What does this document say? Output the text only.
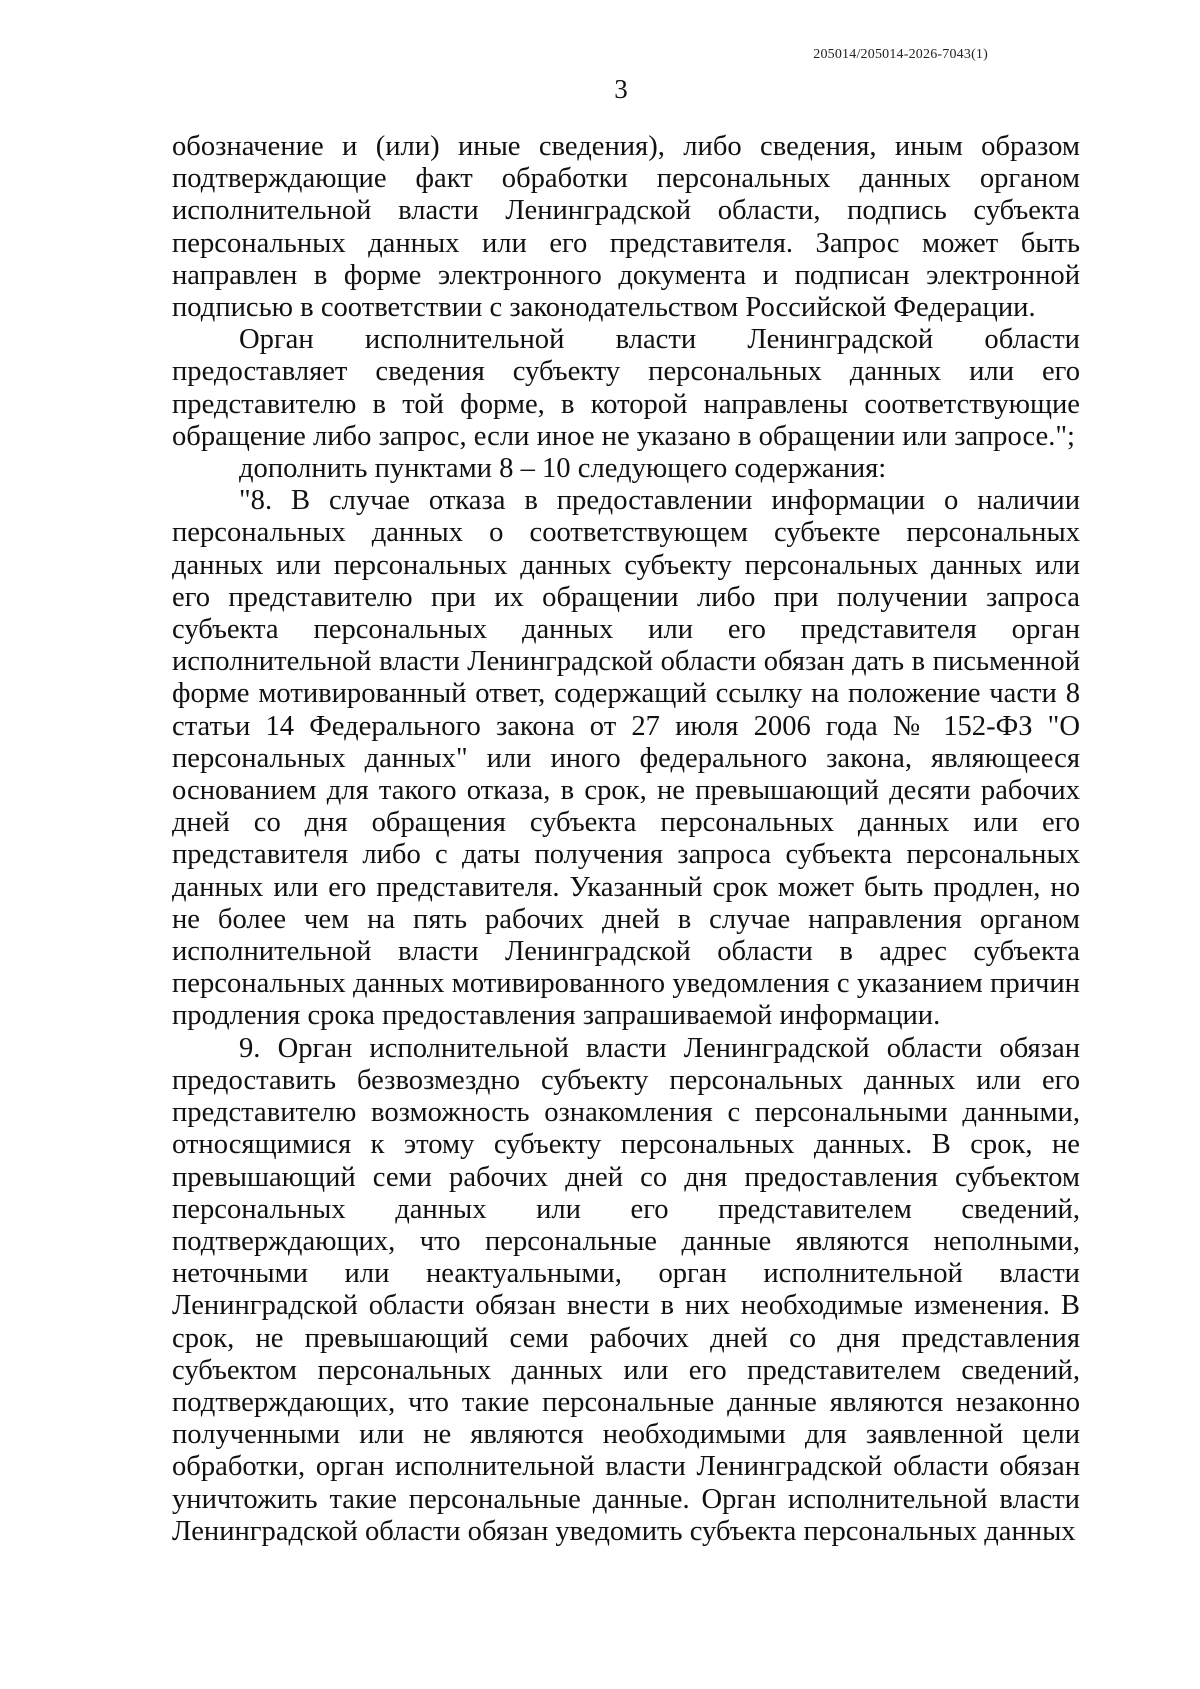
205014/205014-2026-7043(1)
3

обозначение и (или) иные сведения), либо сведения, иным образом подтверждающие факт обработки персональных данных органом исполнительной власти Ленинградской области, подпись субъекта персональных данных или его представителя. Запрос может быть направлен в форме электронного документа и подписан электронной подписью в соответствии с законодательством Российской Федерации.

Орган исполнительной власти Ленинградской области предоставляет сведения субъекту персональных данных или его представителю в той форме, в которой направлены соответствующие обращение либо запрос, если иное не указано в обращении или запросе.";

дополнить пунктами 8 – 10 следующего содержания:

"8. В случае отказа в предоставлении информации о наличии персональных данных о соответствующем субъекте персональных данных или персональных данных субъекту персональных данных или его представителю при их обращении либо при получении запроса субъекта персональных данных или его представителя орган исполнительной власти Ленинградской области обязан дать в письменной форме мотивированный ответ, содержащий ссылку на положение части 8 статьи 14 Федерального закона от 27 июля 2006 года № 152-ФЗ "О персональных данных" или иного федерального закона, являющееся основанием для такого отказа, в срок, не превышающий десяти рабочих дней со дня обращения субъекта персональных данных или его представителя либо с даты получения запроса субъекта персональных данных или его представителя. Указанный срок может быть продлен, но не более чем на пять рабочих дней в случае направления органом исполнительной власти Ленинградской области в адрес субъекта персональных данных мотивированного уведомления с указанием причин продления срока предоставления запрашиваемой информации.

9. Орган исполнительной власти Ленинградской области обязан предоставить безвозмездно субъекту персональных данных или его представителю возможность ознакомления с персональными данными, относящимися к этому субъекту персональных данных. В срок, не превышающий семи рабочих дней со дня предоставления субъектом персональных данных или его представителем сведений, подтверждающих, что персональные данные являются неполными, неточными или неактуальными, орган исполнительной власти Ленинградской области обязан внести в них необходимые изменения. В срок, не превышающий семи рабочих дней со дня представления субъектом персональных данных или его представителем сведений, подтверждающих, что такие персональные данные являются незаконно полученными или не являются необходимыми для заявленной цели обработки, орган исполнительной власти Ленинградской области обязан уничтожить такие персональные данные. Орган исполнительной власти Ленинградской области обязан уведомить субъекта персональных данных
